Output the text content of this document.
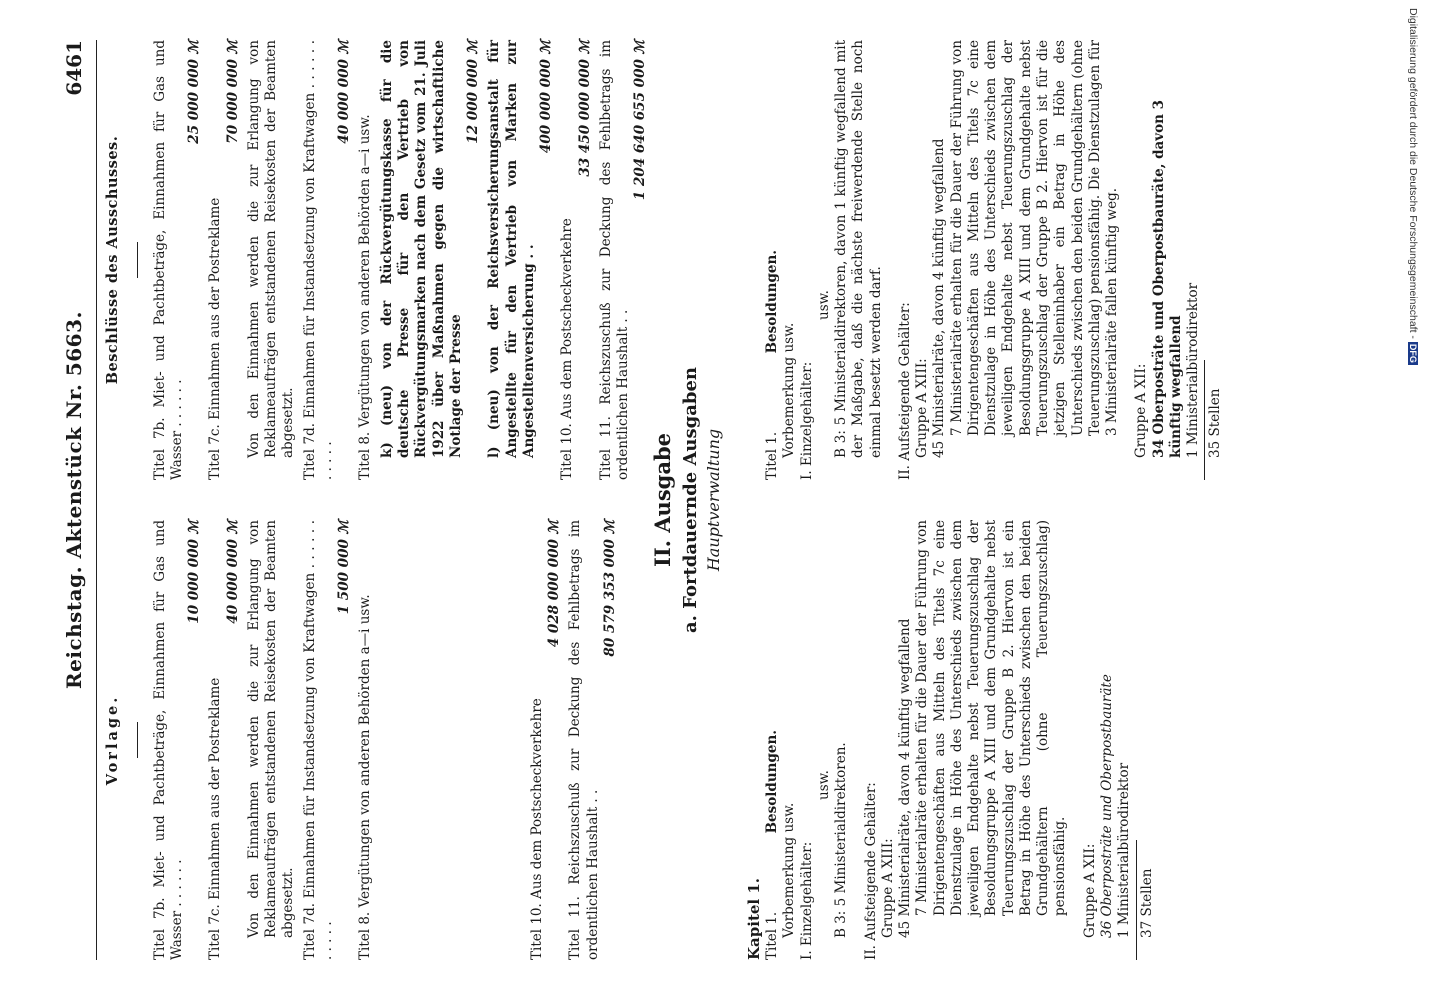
Reichstag. Aktenstück Nr. 5663.
6461
Vorlage. Titel 7b. Miet- und Pachtbeträge, Einnahmen für Gas und Wasser . . . . . .
10 000 000 ℳ
Titel 7c. Einnahmen aus der Postreklame
40 000 000 ℳ Von den Einnahmen werden die zur Erlangung von Reklameaufträgen entstandenen Reisekosten der Beamten abgesetzt. Titel 7d. Einnahmen für Instandsetzung von Kraftwagen . . . . . . . . . . .
1 500 000 ℳ
Titel 8. Vergütungen von anderen Behörden a—i usw.	Titel 10. Aus dem Postscheckverkehre
4 028 000 000 ℳ Titel 11. Reichszuschuß zur Deckung des Fehlbetrags im ordentlichen Haushalt . .
80 579 353 000 ℳ
Beschlüsse des Ausschusses. Titel 7b. Miet- und Pachtbeträge, Einnahmen für Gas und Wasser . . . . . .
25 000 000 ℳ
Titel 7c. Einnahmen aus der Postreklame
70 000 000 ℳ Von den Einnahmen werden die zur Erlangung von Reklameaufträgen entstandenen Reisekosten der Beamten abgesetzt. Titel 7d. Einnahmen für Instandsetzung von Kraftwagen . . . . . . . . . . .
40 000 000 ℳ
Titel 8. Vergütungen von anderen Behörden a—i usw. k) (neu) von der Rückvergütungskasse für die deutsche Presse für den Vertrieb von Rückvergütungsmarken nach dem Gesetz vom 21. Juli 1922 über Maßnahmen gegen die wirtschaftliche Notlage der Presse
12 000 000 ℳ l) (neu) von der Reichsversicherungsanstalt für Angestellte für den Vertrieb von Marken zur Angestelltenversicherung . .
400 000 000 ℳ
Titel 10. Aus dem Postscheckverkehre
33 450 000 000 ℳ Titel 11. Reichszuschuß zur Deckung des Fehlbetrags im ordentlichen Haushalt . .
1 204 640 655 000 ℳ
II. Ausgabe a. Fortdauernde Ausgaben Hauptverwaltung
Kapitel 1. Titel 1.
Besoldungen.
Vorbemerkung usw. I. Einzelgehälter:
usw. B 3: 5 Ministerialdirektoren. II. Aufsteigende Gehälter: Gruppe A XIII: 45 Ministerialräte, davon 4 künftig wegfallend 7 Ministerialräte erhalten für die Dauer der Führung von Dirigentengeschäften aus Mitteln des Titels 7c eine Dienstzulage in Höhe des Unterschieds zwischen dem jeweiligen Endgehalte nebst Teuerungszuschlag der Besoldungsgruppe A XIII und dem Grundgehalte nebst Teuerungszuschlag der Gruppe B 2. Hiervon ist ein Betrag in Höhe des Unterschieds zwischen den beiden Grundgehältern (ohne Teuerungszuschlag) pensionsfähig. Gruppe A XII: 36 Oberposträte und Oberpostbauräte 1 Ministerialbürodirektor 37 Stellen
Titel 1.
Besoldungen.
Vorbemerkung usw. I. Einzelgehälter:
usw. B 3: 5 Ministerialdirektoren, davon 1 künftig wegfallend mit der Maßgabe, daß die nächste freiwerdende Stelle noch einmal besetzt werden darf. II. Aufsteigende Gehälter: Gruppe A XIII: 45 Ministerialräte, davon 4 künftig wegfallend 7 Ministerialräte erhalten für die Dauer der Führung von Dirigentengeschäften aus Mitteln des Titels 7c eine Dienstzulage in Höhe des Unterschieds zwischen dem jeweiligen Endgehalte nebst Teuerungszuschlag der Besoldungsgruppe A XIII und dem Grundgehalte nebst Teuerungszuschlag der Gruppe B 2. Hiervon ist für die jetzigen Stelleninhaber ein Betrag in Höhe des Unterschieds zwischen den beiden Grundgehältern (ohne Teuerungszuschlag) pensionsfähig. Die Dienstzulagen für 3 Ministerialräte fallen künftig weg. Gruppe A XII: 34 Oberposträte und Oberpostbauräte, davon 3 künftig wegfallend 1 Ministerialbürodirektor 35 Stellen
Digitalisierung gefördert durch die Deutsche Forschungsgemeinschaft - DFG
